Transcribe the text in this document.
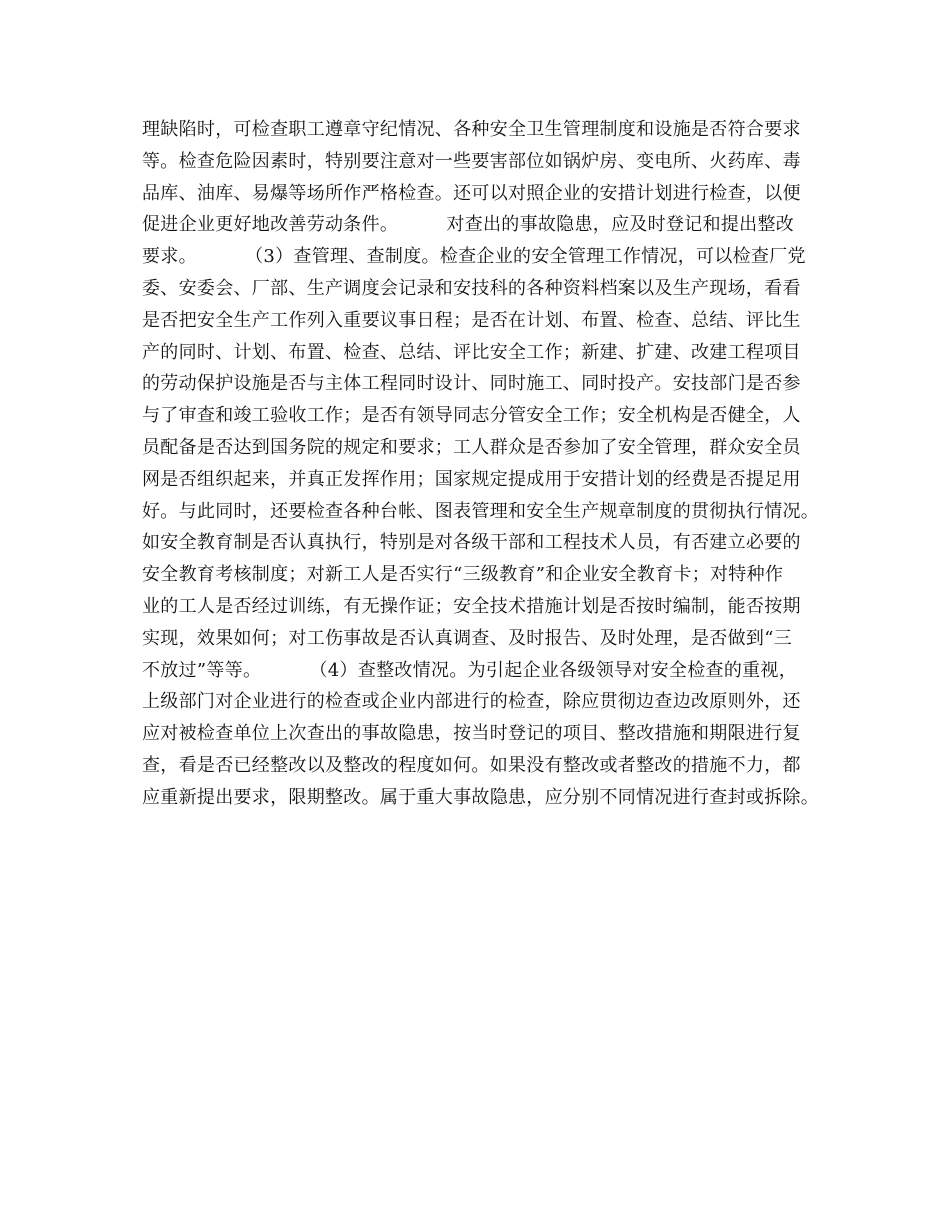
理缺陷时，可检查职工遵章守纪情况、各种安全卫生管理制度和设施是否符合要求
等。检查危险因素时，特别要注意对一些要害部位如锅炉房、变电所、火药库、毒
品库、油库、易爆等场所作严格检查。还可以对照企业的安措计划进行检查，以便
促进企业更好地改善劳动条件。        对查出的事故隐患，应及时登记和提出整改
要求。        （3）查管理、查制度。检查企业的安全管理工作情况，可以检查厂党
委、安委会、厂部、生产调度会记录和安技科的各种资料档案以及生产现场，看看
是否把安全生产工作列入重要议事日程；是否在计划、布置、检查、总结、评比生
产的同时、计划、布置、检查、总结、评比安全工作；新建、扩建、改建工程项目
的劳动保护设施是否与主体工程同时设计、同时施工、同时投产。安技部门是否参
与了审查和竣工验收工作；是否有领导同志分管安全工作；安全机构是否健全，人
员配备是否达到国务院的规定和要求；工人群众是否参加了安全管理，群众安全员
网是否组织起来，并真正发挥作用；国家规定提成用于安措计划的经费是否提足用
好。与此同时，还要检查各种台帐、图表管理和安全生产规章制度的贯彻执行情况。
如安全教育制是否认真执行，特别是对各级干部和工程技术人员，有否建立必要的
安全教育考核制度；对新工人是否实行“三级教育”和企业安全教育卡；对特种作
业的工人是否经过训练，有无操作证；安全技术措施计划是否按时编制，能否按期
实现，效果如何；对工伤事故是否认真调查、及时报告、及时处理，是否做到“三
不放过”等等。        （4）查整改情况。为引起企业各级领导对安全检查的重视，
上级部门对企业进行的检查或企业内部进行的检查，除应贯彻边查边改原则外，还
应对被检查单位上次查出的事故隐患，按当时登记的项目、整改措施和期限进行复
查，看是否已经整改以及整改的程度如何。如果没有整改或者整改的措施不力，都
应重新提出要求，限期整改。属于重大事故隐患，应分别不同情况进行查封或拆除。
